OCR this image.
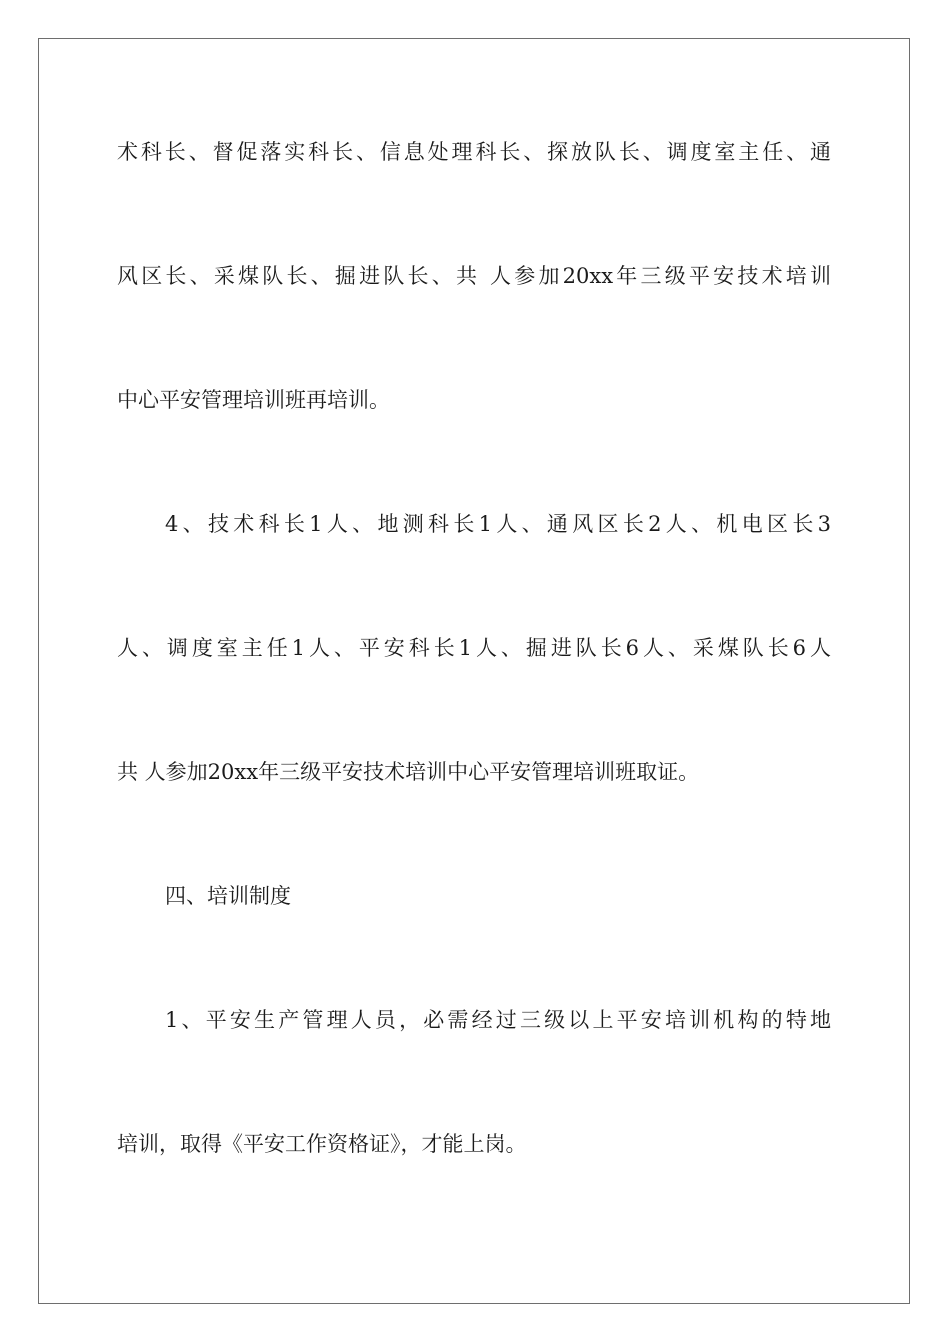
术科长、督促落实科长、信息处理科长、探放队长、调度室主任、通
风区长、采煤队长、掘进队长、共 人参加20xx年三级平安技术培训
中心平安管理培训班再培训。
4、技术科长1人、地测科长1人、通风区长2人、机电区长3
人、调度室主任1人、平安科长1人、掘进队长6人、采煤队长6人
共 人参加20xx年三级平安技术培训中心平安管理培训班取证。
四、培训制度
1、平安生产管理人员，必需经过三级以上平安培训机构的特地
培训，取得《平安工作资格证》，才能上岗。
